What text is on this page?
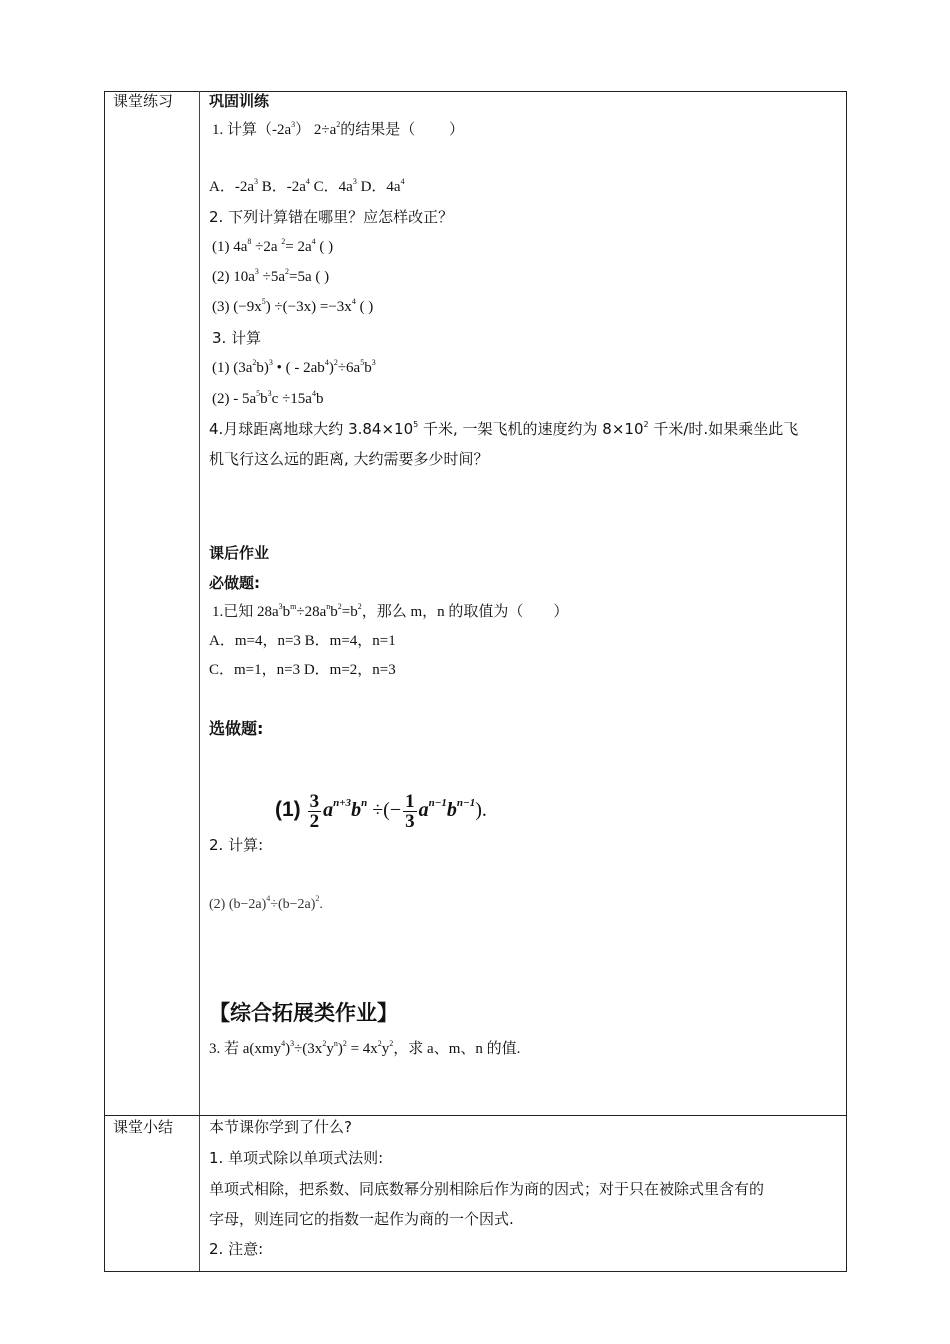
课堂练习
课堂小结
巩固训练
1. 计算$(-2a^3)$ $2\div a^2$的结果是（　　 ）
A．$-2a^3$ B．$-2a^4$ C．$4a^3$ D．$4a^4$
2. 下列计算错在哪里？应怎样改正？
(1) $4a^8 \div 2a$ $^2= 2a^4$ ( )
(2) $10a^3 \div 5a^2=5a$ ( )
(3) $(-9x^5) \div(-3x) =-3x^4$ ( )
3. 计算
(1) $(3a^2b)^3$ • ( - $2ab^4)^2\div 6a^5b^3$
$(2) - 5a^5b^3c \div 15a^4b$
4.月球距离地球大约 $3.84\times 10^5$ 千米, 一架飞机的速度约为 $8\times 10^2$ 千米/时.如果乘坐此飞
机飞行这么远的距离, 大约需要多少时间？
课后作业
必做题:
1.已知 $28a^3b^m\div 28a^nb^2=b^2$，那么 m，n 的取值为（　　）
A．m=4，n=3 B．m=4，n=1
C．m=1，n=3 D．m=2，n=3
选做题:
$(1) \frac{3}{2} a^{n+3}b^n$ ÷(− $\frac{1}{3} a^{n-1}b^{n-1}$).
2. 计算:
(2) $(b-2a)^4\div(b-2a)^2$.
【综合拓展类作业】
3. 若 $a(xmy^4)^3\div(3x^2y^n)^2 = 4x^2y^2$，求 a、m、n 的值.
本节课你学到了什么?
1. 单项式除以单项式法则:
单项式相除，把系数、同底数幂分别相除后作为商的因式；对于只在被除式里含有的
字母，则连同它的指数一起作为商的一个因式.
2. 注意:
